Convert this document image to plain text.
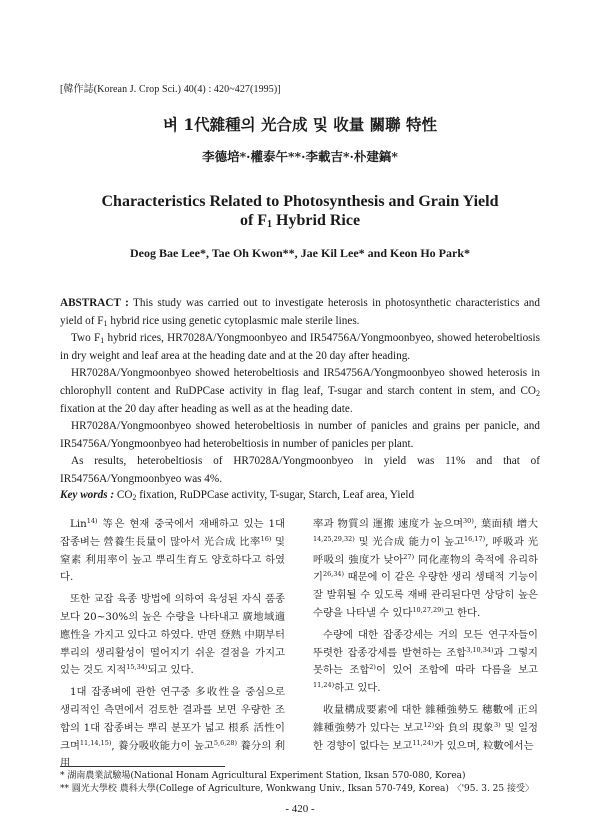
[韓作誌(Korean J. Crop Sci.) 40(4) : 420~427(1995)]
벼 1代雜種의 光合成 및 收量 關聯 特性
李德培*·權泰午**·李載吉*·朴建鎬*
Characteristics Related to Photosynthesis and Grain Yield
of $F_1$ Hybrid Rice
Deog Bae Lee*, Tae Oh Kwon**, Jae Kil Lee* and Keon Ho Park*

ABSTRACT : This study was carried out to investigate heterosis in photosynthetic characteristics and yield of $F_1$ hybrid rice using genetic cytoplasmic male sterile lines.

Two $F_1$ hybrid rices, HR7028A/Yongmoonbyeo and IR54756A/Yongmoonbyeo, showed heterobeltiosis in dry weight and leaf area at the heading date and at the 20 day after heading.

HR7028A/Yongmoonbyeo showed heterobeltiosis and IR54756A/Yongmoonbyeo showed heterosis in chlorophyll content and RuDPCase activity in flag leaf, T-sugar and starch content in stem, and $CO_2$ fixation at the 20 day after heading as well as at the heading date.

HR7028A/Yongmoonbyeo showed heterobeltiosis in number of panicles and grains per panicle, and IR54756A/Yongmoonbyeo had heterobeltiosis in number of panicles per plant.

As results, heterobeltiosis of HR7028A/Yongmoonbyeo in yield was 11% and that of IR54756A/Yongmoonbyeo was 4%.

Key words : $CO_2$ fixation, RuDPCase activity, T-sugar, Starch, Leaf area, Yield

Lin$^{14)}$ 等은 현재 중국에서 재배하고 있는 1대 잡종벼는 營養生長量이 많아서 光合成 比率$^{16)}$ 및 窒素 利用率이 높고 뿌리生育도 양호하다고 하였다.

또한 교잡 육종 방법에 의하여 육성된 자식 품종보다 20~30%의 높은 수량을 나타내고 廣地域適應性을 가지고 있다고 하였다. 반면 登熟 中期부터 뿌리의 생리활성이 떨어지기 쉬운 결점을 가지고 있는 것도 지적$^{15,34)}$되고 있다.

1대 잡종벼에 관한 연구중 多收性을 중심으로 생리적인 측면에서 검토한 결과를 보면 우량한 조합의 1대 잡종벼는 뿌리 분포가 넓고 根系 活性이 크며$^{11,14,15)}$, 養分吸收能力이 높고$^{5,6,28)}$ 養分의 利用

率과 物質의 運搬 速度가 높으며$^{30)}$, 葉面積 增大$^{14,25,29,32)}$ 및 光合成 能力이 높고$^{16,17)}$, 呼吸과 光呼吸의 強度가 낮아$^{27)}$ 同化產物의 축적에 유리하기$^{26,34)}$ 때문에 이 같은 우량한 생리 생태적 기능이 잘 발휘될 수 있도록 재배 관리된다면 상당히 높은 수량을 나타낼 수 있다$^{10,27,29)}$고 한다.

수량에 대한 잡종강세는 거의 모든 연구자들이 뚜렷한 잡종강세를 발현하는 조합$^{3,10,34)}$과 그렇지 못하는 조합$^{2)}$이 있어 조합에 따라 다름을 보고$^{11,24)}$하고 있다.

收量構成要素에 대한 雜種強勢도 穗數에 正의 雜種強勢가 있다는 보고$^{12)}$와 負의 現象$^{3)}$ 및 일정한 경향이 없다는 보고$^{11,24)}$가 있으며, 粒數에서는

* 湖南農業試驗場(National Honam Agricultural Experiment Station, Iksan 570-080, Korea)
** 圓光大學校 農科大學(College of Agriculture, Wonkwang Univ., Iksan 570-749, Korea) 〈'95. 3. 25 接受〉
- 420 -
